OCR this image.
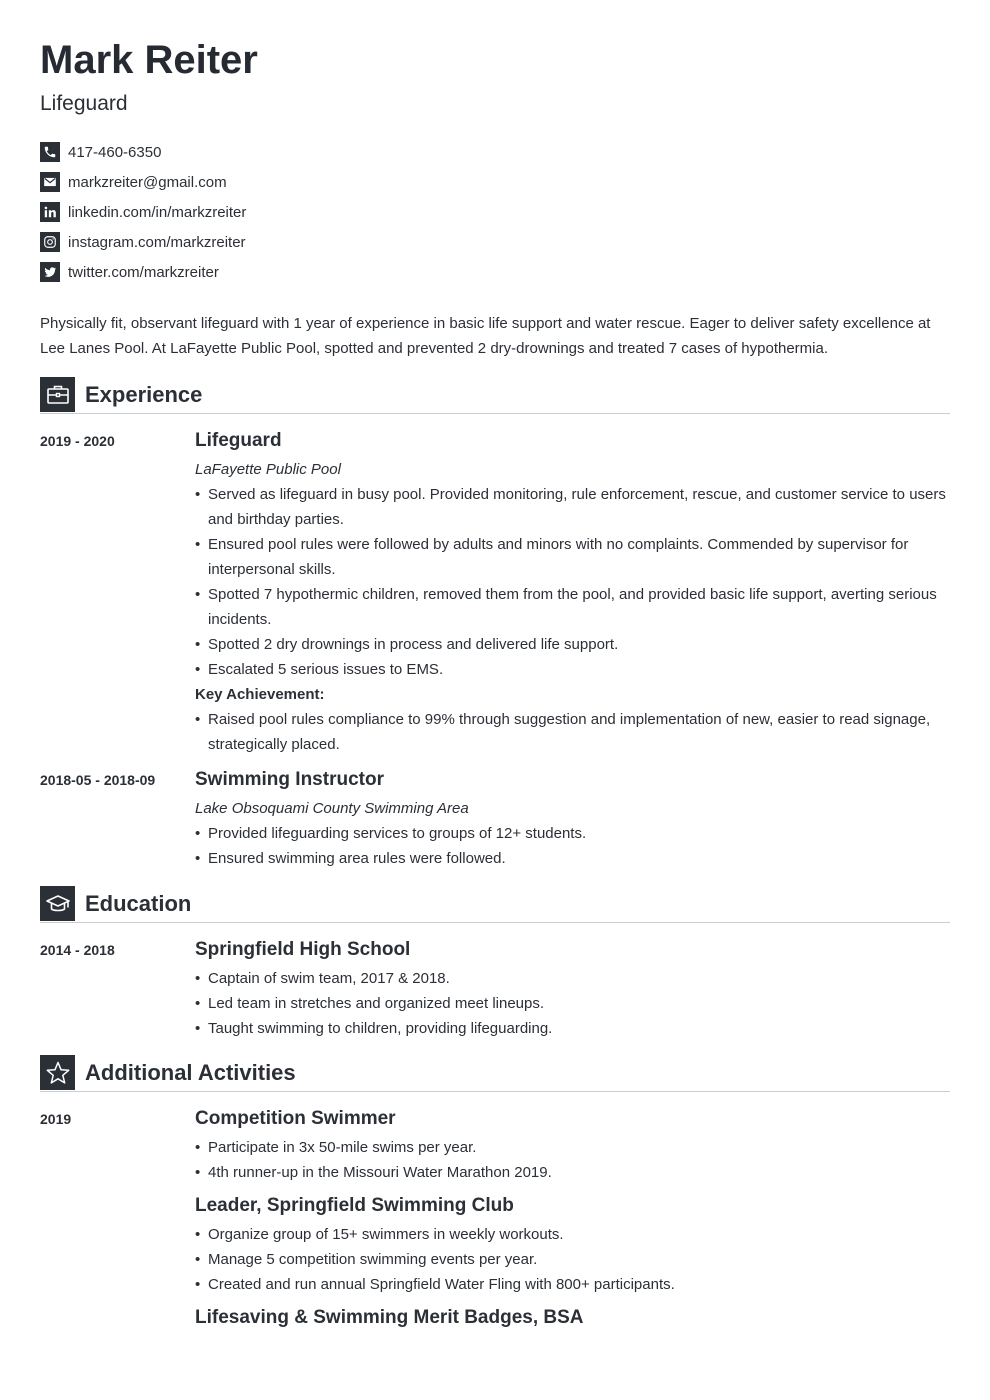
Mark Reiter
Lifeguard
417-460-6350
markzreiter@gmail.com
linkedin.com/in/markzreiter
instagram.com/markzreiter
twitter.com/markzreiter

Physically fit, observant lifeguard with 1 year of experience in basic life support and water rescue. Eager to deliver safety excellence at Lee Lanes Pool. At LaFayette Public Pool, spotted and prevented 2 dry-drownings and treated 7 cases of hypothermia.

Experience
2019 - 2020	Lifeguard
LaFayette Public Pool
• Served as lifeguard in busy pool. Provided monitoring, rule enforcement, rescue, and customer service to users and birthday parties.
• Ensured pool rules were followed by adults and minors with no complaints. Commended by supervisor for interpersonal skills.
• Spotted 7 hypothermic children, removed them from the pool, and provided basic life support, averting serious incidents.
• Spotted 2 dry drownings in process and delivered life support.
• Escalated 5 serious issues to EMS.
Key Achievement:
• Raised pool rules compliance to 99% through suggestion and implementation of new, easier to read signage, strategically placed.
2018-05 - 2018-09	Swimming Instructor
Lake Obsoquami County Swimming Area
• Provided lifeguarding services to groups of 12+ students.
• Ensured swimming area rules were followed.
Education
2014 - 2018	Springfield High School
• Captain of swim team, 2017 & 2018.
• Led team in stretches and organized meet lineups.
• Taught swimming to children, providing lifeguarding.
Additional Activities
2019	Competition Swimmer
• Participate in 3x 50-mile swims per year.
• 4th runner-up in the Missouri Water Marathon 2019.
Leader, Springfield Swimming Club
• Organize group of 15+ swimmers in weekly workouts.
• Manage 5 competition swimming events per year.
• Created and run annual Springfield Water Fling with 800+ participants.
Lifesaving & Swimming Merit Badges, BSA
